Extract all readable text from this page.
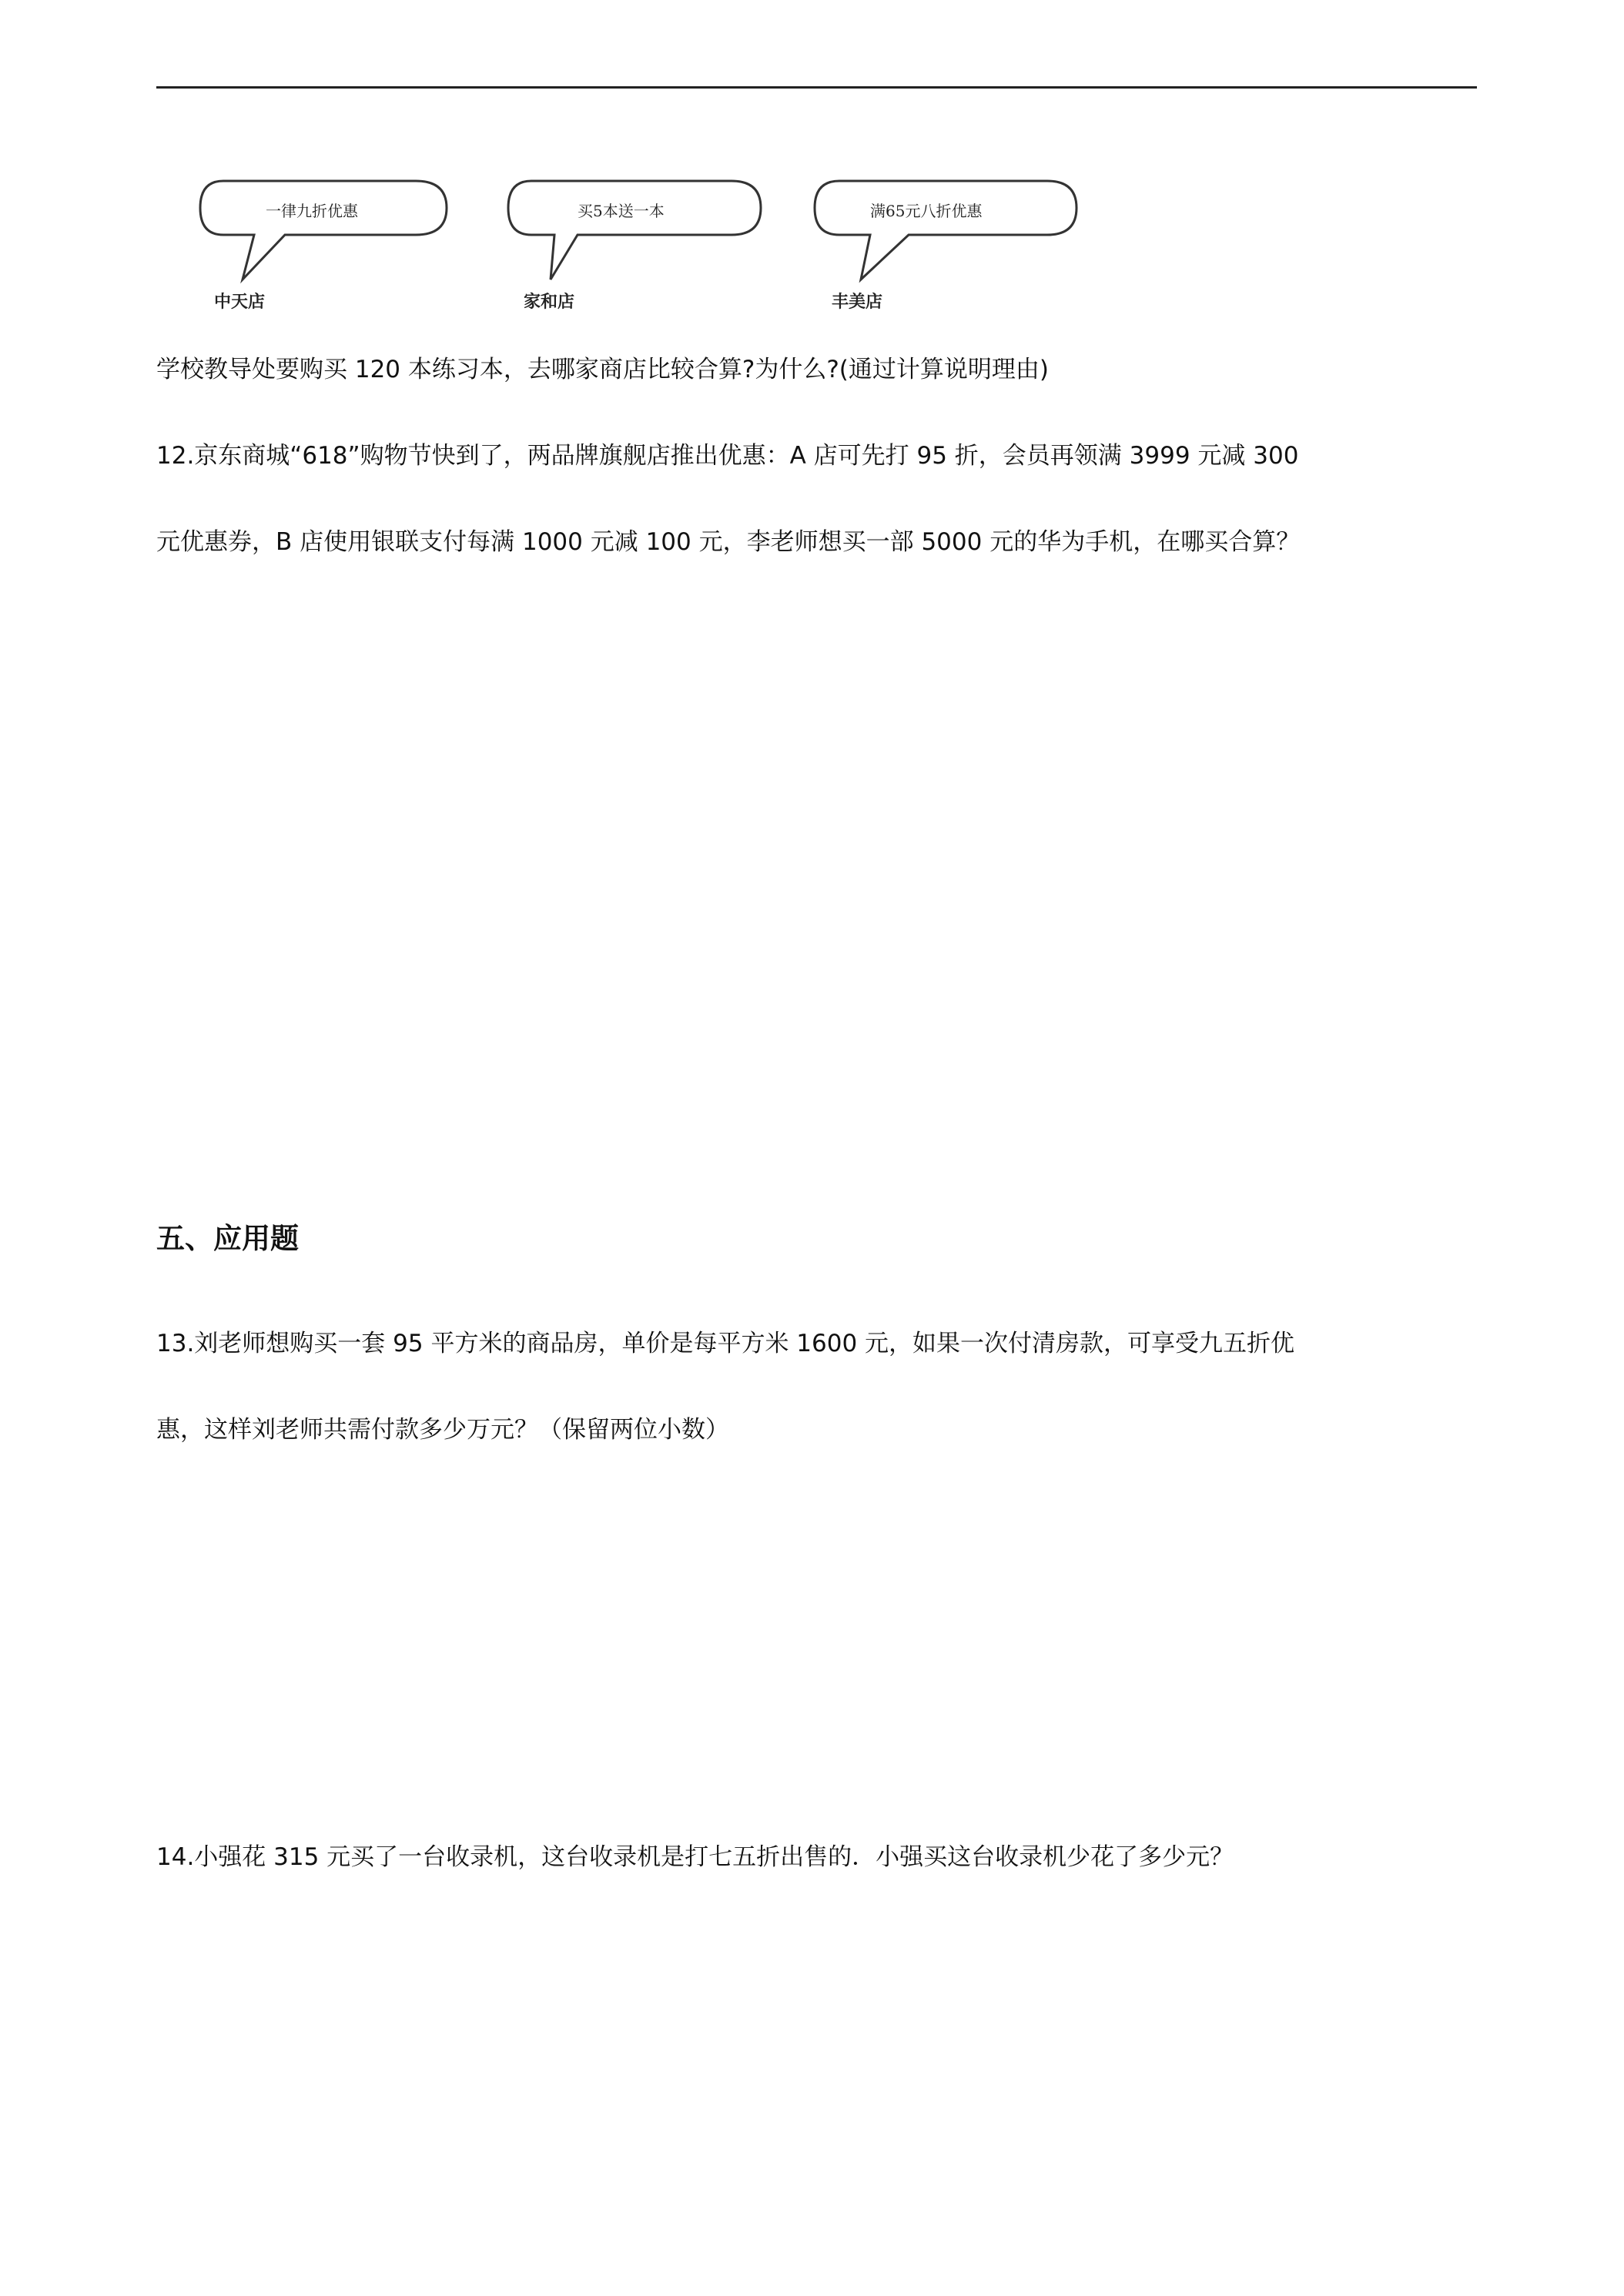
一律九折优惠	买5本送一本	满65元八折优惠
中天店	家和店	丰美店
学校教导处要购买 120 本练习本，去哪家商店比较合算?为什么?(通过计算说明理由)
12.京东商城“618”购物节快到了，两品牌旗舰店推出优惠：A 店可先打 95 折，会员再领满 3999 元减 300
元优惠券，B 店使用银联支付每满 1000 元减 100 元，李老师想买一部 5000 元的华为手机，在哪买合算？
五、应用题
13.刘老师想购买一套 95 平方米的商品房，单价是每平方米 1600 元，如果一次付清房款，可享受九五折优
惠，这样刘老师共需付款多少万元？（保留两位小数）
14.小强花 315 元买了一台收录机，这台收录机是打七五折出售的．小强买这台收录机少花了多少元？
